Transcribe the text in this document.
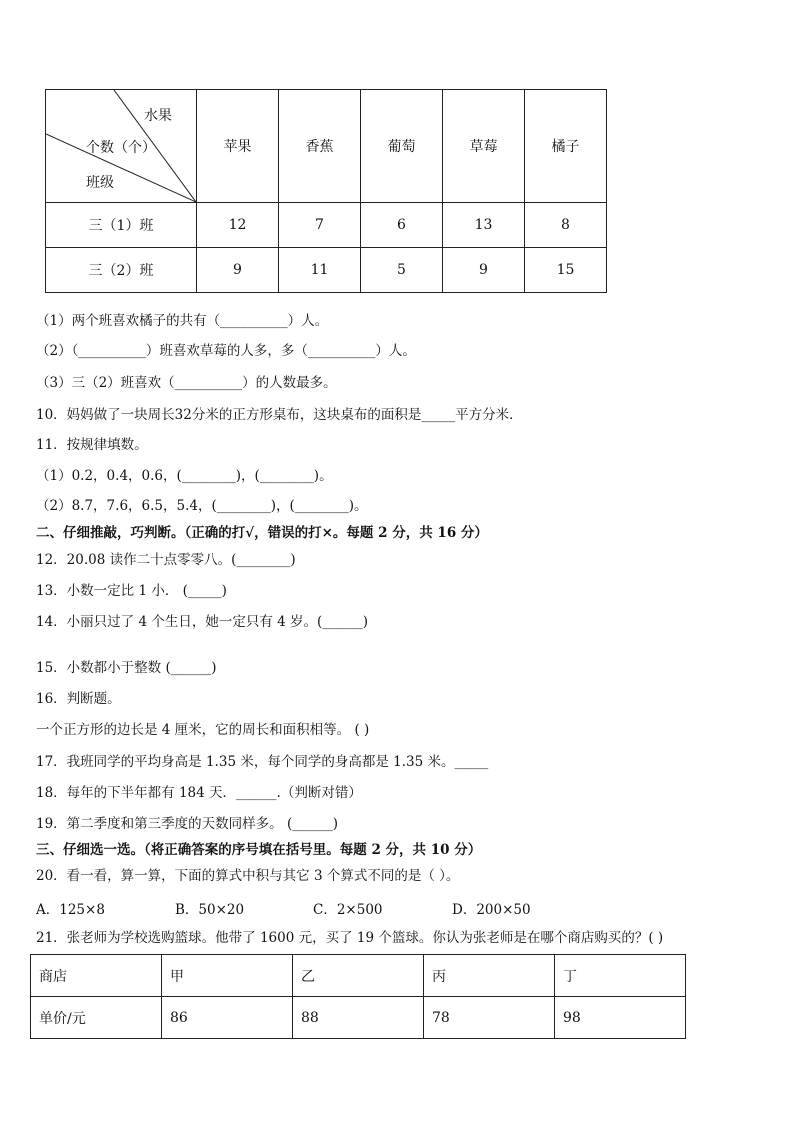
水果
个数（个）
班级	苹果	香蕉	葡萄	草莓	橘子
三（1）班	12	7	6	13	8
三（2）班	9	11	5	9	15
（1）两个班喜欢橘子的共有（__________）人。
（2）（__________）班喜欢草莓的人多，多（__________）人。
（3）三（2）班喜欢（__________）的人数最多。
10．妈妈做了一块周长32分米的正方形桌布，这块桌布的面积是_____平方分米．
11．按规律填数。
（1）0.2，0.4，0.6，(________)，(________)。
（2）8.7，7.6，6.5，5.4，(________)，(________)。
二、仔细推敲，巧判断。（正确的打√，错误的打×。每题 2 分，共 16 分）
12．20.08 读作二十点零零八。(________)
13．小数一定比 1 小． (_____)
14．小丽只过了 4 个生日，她一定只有 4 岁。(______)
15．小数都小于整数 (______)
16．判断题。
一个正方形的边长是 4 厘米，它的周长和面积相等。 ( )
17．我班同学的平均身高是 1.35 米，每个同学的身高都是 1.35 米。_____
18．每年的下半年都有 184 天．______.（判断对错）
19．第二季度和第三季度的天数同样多。 (______)
三、仔细选一选。（将正确答案的序号填在括号里。每题 2 分，共 10 分）
20．看一看，算一算，下面的算式中积与其它 3 个算式不同的是（ ）。
A．125×8	B．50×20	C．2×500	D．200×50
21．张老师为学校选购篮球。他带了 1600 元，买了 19 个篮球。你认为张老师是在哪个商店购买的？( )
商店	甲	乙	丙	丁
单价/元	86	88	78	98
